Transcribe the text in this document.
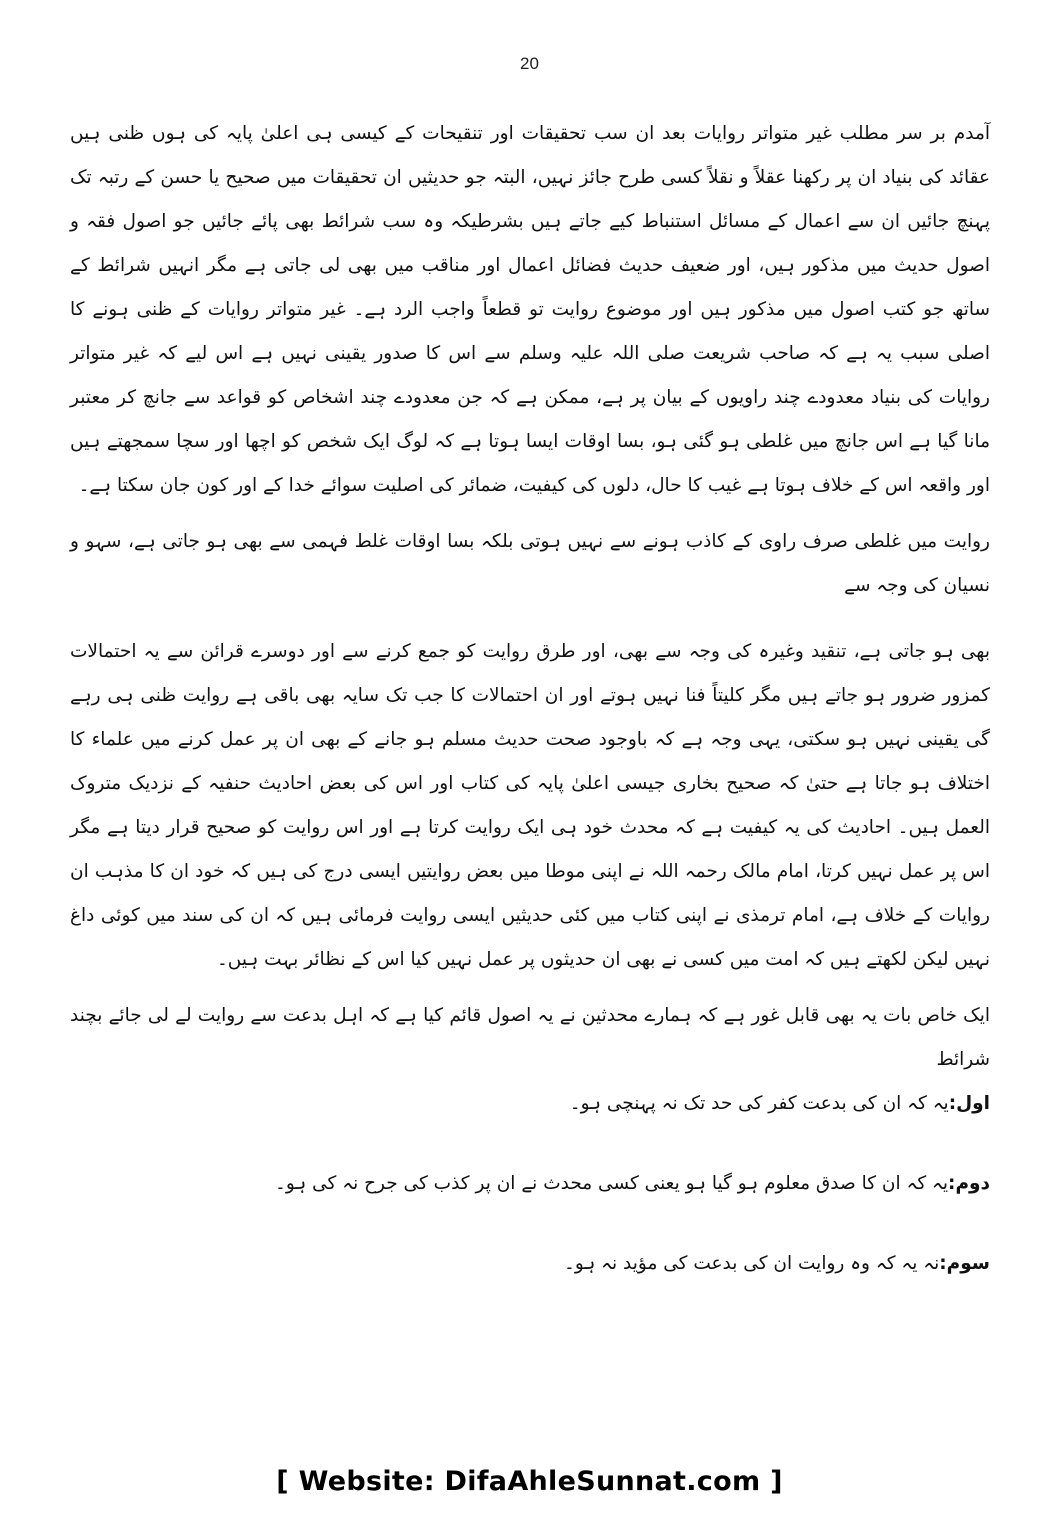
20

آمدم بر سر مطلب غیر متواتر روایات بعد ان سب تحقیقات اور تنقیحات کے کیسی ہی اعلیٰ پایہ کی ہوں ظنی ہیں عقائد کی بنیاد ان پر رکھنا عقلاً و نقلاً کسی طرح جائز نہیں، البتہ جو حدیثیں ان تحقیقات میں صحیح یا حسن کے رتبہ تک پہنچ جائیں ان سے اعمال کے مسائل استنباط کیے جاتے ہیں بشرطیکہ وہ سب شرائط بھی پائے جائیں جو اصول فقہ و اصول حدیث میں مذکور ہیں، اور ضعیف حدیث فضائل اعمال اور مناقب میں بھی لی جاتی ہے مگر انہیں شرائط کے ساتھ جو کتب اصول میں مذکور ہیں اور موضوع روایت تو قطعاً واجب الرد ہے۔ غیر متواتر روایات کے ظنی ہونے کا اصلی سبب یہ ہے کہ صاحب شریعت صلی اللہ علیہ وسلم سے اس کا صدور یقینی نہیں ہے اس لیے کہ غیر متواتر روایات کی بنیاد معدودے چند راویوں کے بیان پر ہے، ممکن ہے کہ جن معدودے چند اشخاص کو قواعد سے جانچ کر معتبر مانا گیا ہے اس جانچ میں غلطی ہو گئی ہو، بسا اوقات ایسا ہوتا ہے کہ لوگ ایک شخص کو اچھا اور سچا سمجھتے ہیں اور واقعہ اس کے خلاف ہوتا ہے غیب کا حال، دلوں کی کیفیت، ضمائر کی اصلیت سوائے خدا کے اور کون جان سکتا ہے۔

روایت میں غلطی صرف راوی کے کاذب ہونے سے نہیں ہوتی بلکہ بسا اوقات غلط فہمی سے بھی ہو جاتی ہے، سہو و نسیان کی وجہ سے

بھی ہو جاتی ہے، تنقید وغیرہ کی وجہ سے بھی، اور طرق روایت کو جمع کرنے سے اور دوسرے قرائن سے یہ احتمالات کمزور ضرور ہو جاتے ہیں مگر کلیتاً فنا نہیں ہوتے اور ان احتمالات کا جب تک سایہ بھی باقی ہے روایت ظنی ہی رہے گی یقینی نہیں ہو سکتی، یہی وجہ ہے کہ باوجود صحت حدیث مسلم ہو جانے کے بھی ان پر عمل کرنے میں علماء کا اختلاف ہو جاتا ہے حتیٰ کہ صحیح بخاری جیسی اعلیٰ پایہ کی کتاب اور اس کی بعض احادیث حنفیہ کے نزدیک متروک العمل ہیں۔ احادیث کی یہ کیفیت ہے کہ محدث خود ہی ایک روایت کرتا ہے اور اس روایت کو صحیح قرار دیتا ہے مگر اس پر عمل نہیں کرتا، امام مالک رحمہ اللہ نے اپنی موطا میں بعض روایتیں ایسی درج کی ہیں کہ خود ان کا مذہب ان روایات کے خلاف ہے، امام ترمذی نے اپنی کتاب میں کئی حدیثیں ایسی روایت فرمائی ہیں کہ ان کی سند میں کوئی داغ نہیں لیکن لکھتے ہیں کہ امت میں کسی نے بھی ان حدیثوں پر عمل نہیں کیا اس کے نظائر بہت ہیں۔

ایک خاص بات یہ بھی قابل غور ہے کہ ہمارے محدثین نے یہ اصول قائم کیا ہے کہ اہل بدعت سے روایت لے لی جائے بچند شرائط

اول:یہ کہ ان کی بدعت کفر کی حد تک نہ پہنچی ہو۔

دوم:یہ کہ ان کا صدق معلوم ہو گیا ہو یعنی کسی محدث نے ان پر کذب کی جرح نہ کی ہو۔

سوم:نہ یہ کہ وہ روایت ان کی بدعت کی مؤید نہ ہو۔

[ Website: DifaAhleSunnat.com ]
